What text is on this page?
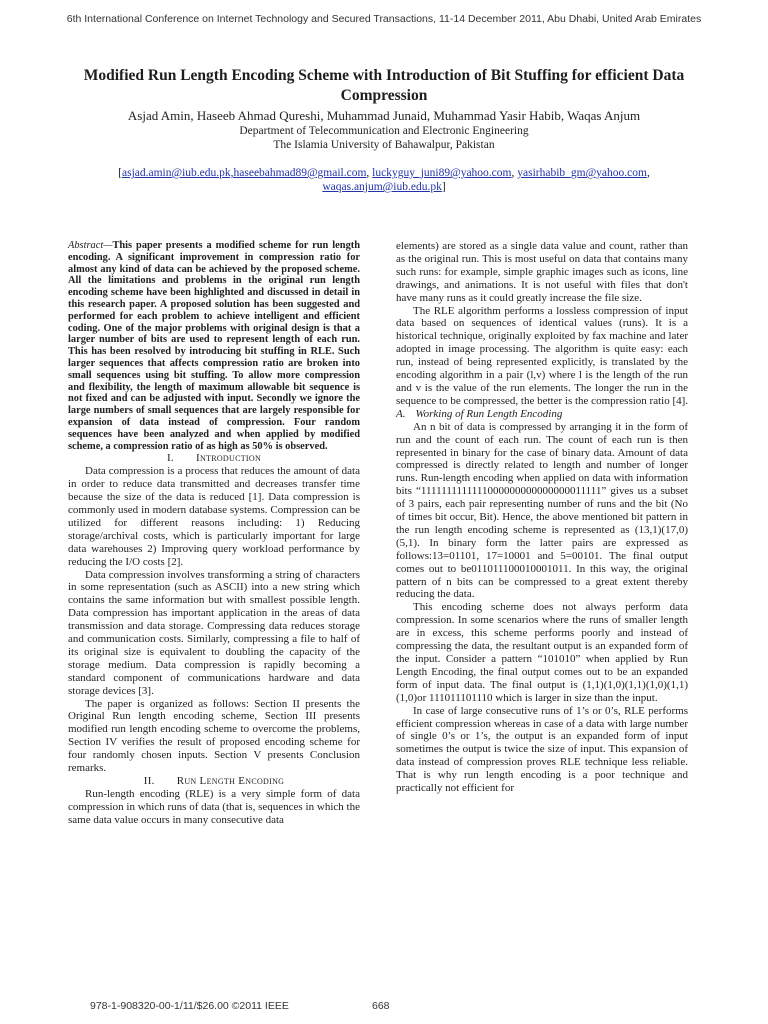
6th International Conference on Internet Technology and Secured Transactions, 11-14 December 2011, Abu Dhabi, United Arab Emirates
Modified Run Length Encoding Scheme with Introduction of Bit Stuffing for efficient Data Compression
Asjad Amin, Haseeb Ahmad Qureshi, Muhammad Junaid, Muhammad Yasir Habib, Waqas Anjum
Department of Telecommunication and Electronic Engineering
The Islamia University of Bahawalpur, Pakistan
[asjad.amin@iub.edu.pk,haseebahmad89@gmail.com, luckyguy_juni89@yahoo.com, yasirhabib_gm@yahoo.com,
waqas.anjum@iub.edu.pk]

Abstract—This paper presents a modified scheme for run length encoding. A significant improvement in compression ratio for almost any kind of data can be achieved by the proposed scheme. All the limitations and problems in the original run length encoding scheme have been highlighted and discussed in detail in this research paper. A proposed solution has been suggested and performed for each problem to achieve intelligent and efficient coding. One of the major problems with original design is that a larger number of bits are used to represent length of each run. This has been resolved by introducing bit stuffing in RLE. Such larger sequences that affects compression ratio are broken into small sequences using bit stuffing. To allow more compression and flexibility, the length of maximum allowable bit sequence is not fixed and can be adjusted with input. Secondly we ignore the large numbers of small sequences that are largely responsible for expansion of data instead of compression. Four random sequences have been analyzed and when applied by modified scheme, a compression ratio of as high as 50% is observed.

I. Introduction

Data compression is a process that reduces the amount of data in order to reduce data transmitted and decreases transfer time because the size of the data is reduced [1]. Data compression is commonly used in modern database systems. Compression can be utilized for different reasons including: 1) Reducing storage/archival costs, which is particularly important for large data warehouses 2) Improving query workload performance by reducing the I/O costs [2].

Data compression involves transforming a string of characters in some representation (such as ASCII) into a new string which contains the same information but with smallest possible length. Data compression has important application in the areas of data transmission and data storage. Compressing data reduces storage and communication costs. Similarly, compressing a file to half of its original size is equivalent to doubling the capacity of the storage medium. Data compression is rapidly becoming a standard component of communications hardware and data storage devices [3].

The paper is organized as follows: Section II presents the Original Run length encoding scheme, Section III presents modified run length encoding scheme to overcome the problems, Section IV verifies the result of proposed encoding scheme for four randomly chosen inputs. Section V presents Conclusion remarks.

II. Run Length Encoding

Run-length encoding (RLE) is a very simple form of data compression in which runs of data (that is, sequences in which the same data value occurs in many consecutive data

elements) are stored as a single data value and count, rather than as the original run. This is most useful on data that contains many such runs: for example, simple graphic images such as icons, line drawings, and animations. It is not useful with files that don't have many runs as it could greatly increase the file size.

The RLE algorithm performs a lossless compression of input data based on sequences of identical values (runs). It is a historical technique, originally exploited by fax machine and later adopted in image processing. The algorithm is quite easy: each run, instead of being represented explicitly, is translated by the encoding algorithm in a pair (l,v) where l is the length of the run and v is the value of the run elements. The longer the run in the sequence to be compressed, the better is the compression ratio [4].

A. Working of Run Length Encoding

An n bit of data is compressed by arranging it in the form of run and the count of each run. The count of each run is then represented in binary for the case of binary data. Amount of data compressed is directly related to length and number of longer runs. Run-length encoding when applied on data with information bits “1111111111111000000000000000011111” gives us a subset of 3 pairs, each pair representing number of runs and the bit (No of times bit occur, Bit). Hence, the above mentioned bit pattern in the run length encoding scheme is represented as (13,1)(17,0)(5,1). In binary form the latter pairs are expressed as follows:13=01101, 17=10001 and 5=00101. The final output comes out to be011011100010001011. In this way, the original pattern of n bits can be compressed to a great extent thereby reducing the data.

This encoding scheme does not always perform data compression. In some scenarios where the runs of smaller length are in excess, this scheme performs poorly and instead of compressing the data, the resultant output is an expanded form of the input. Consider a pattern “101010” when applied by Run Length Encoding, the final output comes out to be an expanded form of input data. The final output is (1,1)(1,0)(1,1)(1,0)(1,1)(1,0)or 111011101110 which is larger in size than the input.

In case of large consecutive runs of 1’s or 0’s, RLE performs efficient compression whereas in case of a data with large number of single 0’s or 1’s, the output is an expanded form of input sometimes the output is twice the size of input. This expansion of data instead of compression proves RLE technique less reliable. That is why run length encoding is a poor technique and practically not efficient for

978-1-908320-00-1/11/$26.00 ©2011 IEEE	668
